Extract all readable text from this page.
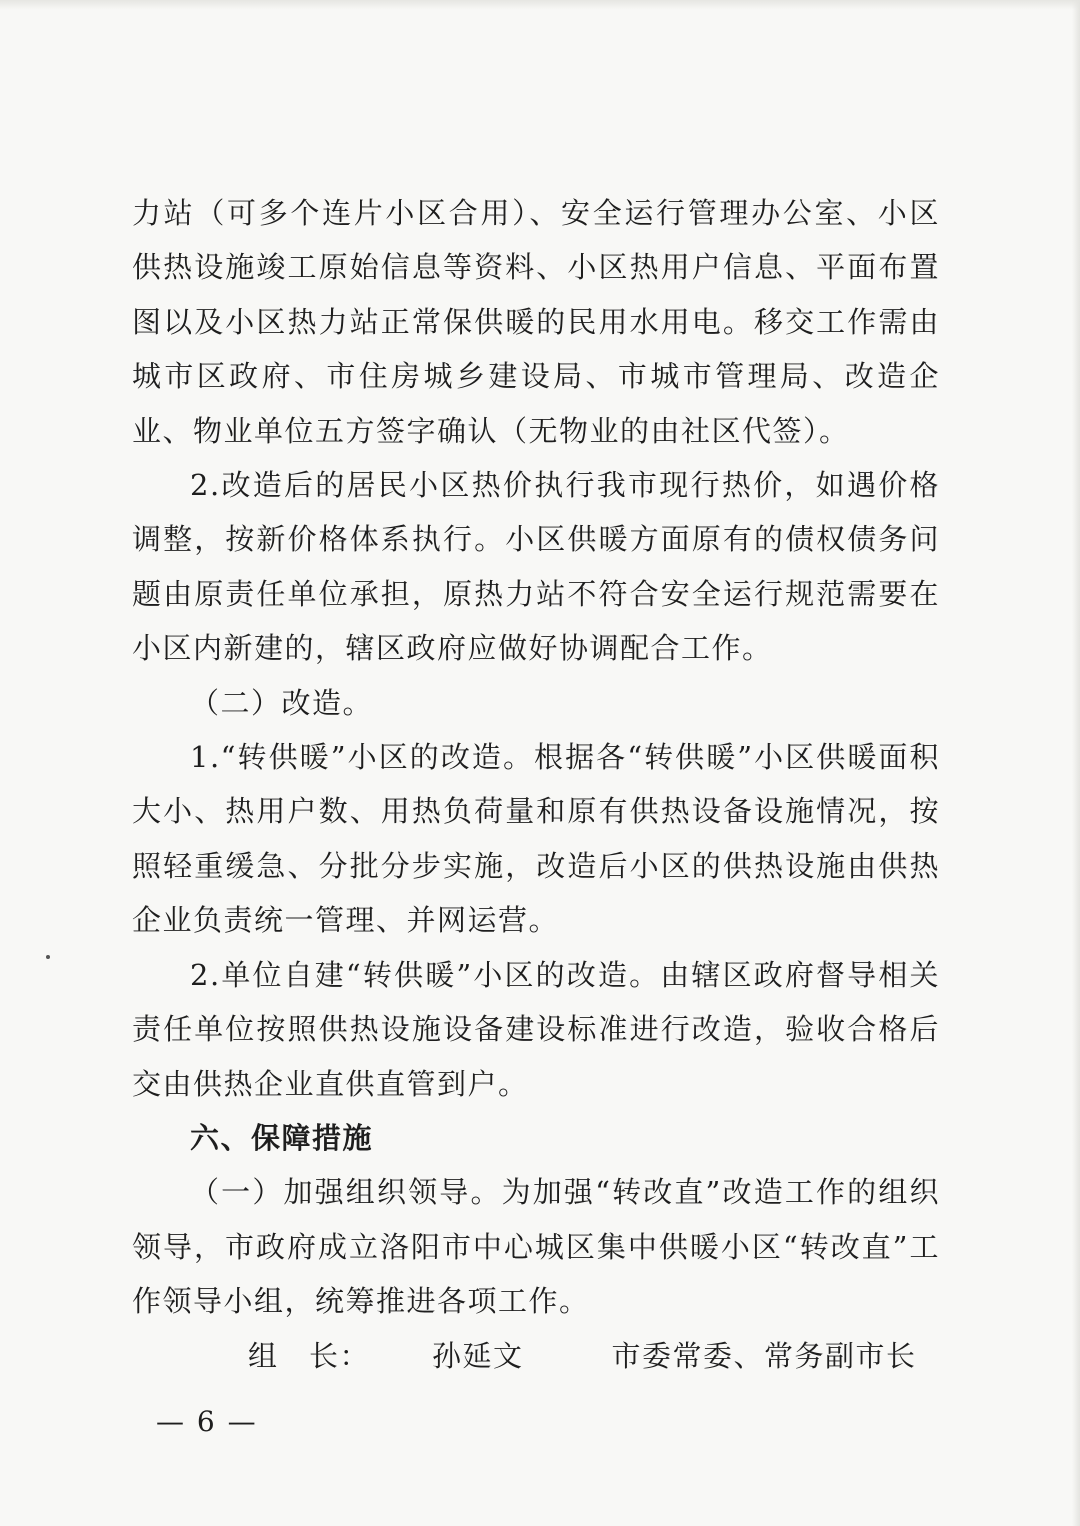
力站（可多个连片小区合用）、安全运行管理办公室、小区供热设施竣工原始信息等资料、小区热用户信息、平面布置图以及小区热力站正常保供暖的民用水用电。移交工作需由城市区政府、市住房城乡建设局、市城市管理局、改造企业、物业单位五方签字确认（无物业的由社区代签）。

2.改造后的居民小区热价执行我市现行热价，如遇价格调整，按新价格体系执行。小区供暖方面原有的债权债务问题由原责任单位承担，原热力站不符合安全运行规范需要在小区内新建的，辖区政府应做好协调配合工作。

（二）改造。

1.“转供暖”小区的改造。根据各“转供暖”小区供暖面积大小、热用户数、用热负荷量和原有供热设备设施情况，按照轻重缓急、分批分步实施，改造后小区的供热设施由供热企业负责统一管理、并网运营。

2.单位自建“转供暖”小区的改造。由辖区政府督导相关责任单位按照供热设施设备建设标准进行改造，验收合格后交由供热企业直供直管到户。

六、保障措施

（一）加强组织领导。为加强“转改直”改造工作的组织领导，市政府成立洛阳市中心城区集中供暖小区“转改直”工作领导小组，统筹推进各项工作。

组　长： 孙延文	市委常委、常务副市长

— 6 —
